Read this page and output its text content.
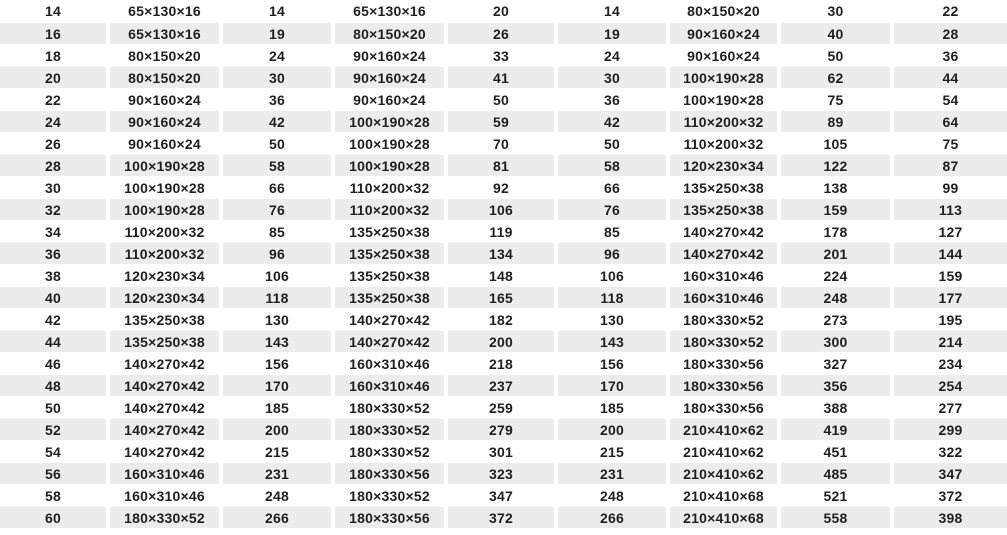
14	65×130×16	14	65×130×16	20	14	80×150×20	30	22
16	65×130×16	19	80×150×20	26	19	90×160×24	40	28
18	80×150×20	24	90×160×24	33	24	90×160×24	50	36
20	80×150×20	30	90×160×24	41	30	100×190×28	62	44
22	90×160×24	36	90×160×24	50	36	100×190×28	75	54
24	90×160×24	42	100×190×28	59	42	110×200×32	89	64
26	90×160×24	50	100×190×28	70	50	110×200×32	105	75
28	100×190×28	58	100×190×28	81	58	120×230×34	122	87
30	100×190×28	66	110×200×32	92	66	135×250×38	138	99
32	100×190×28	76	110×200×32	106	76	135×250×38	159	113
34	110×200×32	85	135×250×38	119	85	140×270×42	178	127
36	110×200×32	96	135×250×38	134	96	140×270×42	201	144
38	120×230×34	106	135×250×38	148	106	160×310×46	224	159
40	120×230×34	118	135×250×38	165	118	160×310×46	248	177
42	135×250×38	130	140×270×42	182	130	180×330×52	273	195
44	135×250×38	143	140×270×42	200	143	180×330×52	300	214
46	140×270×42	156	160×310×46	218	156	180×330×56	327	234
48	140×270×42	170	160×310×46	237	170	180×330×56	356	254
50	140×270×42	185	180×330×52	259	185	180×330×56	388	277
52	140×270×42	200	180×330×52	279	200	210×410×62	419	299
54	140×270×42	215	180×330×52	301	215	210×410×62	451	322
56	160×310×46	231	180×330×56	323	231	210×410×62	485	347
58	160×310×46	248	180×330×52	347	248	210×410×68	521	372
60	180×330×52	266	180×330×56	372	266	210×410×68	558	398
